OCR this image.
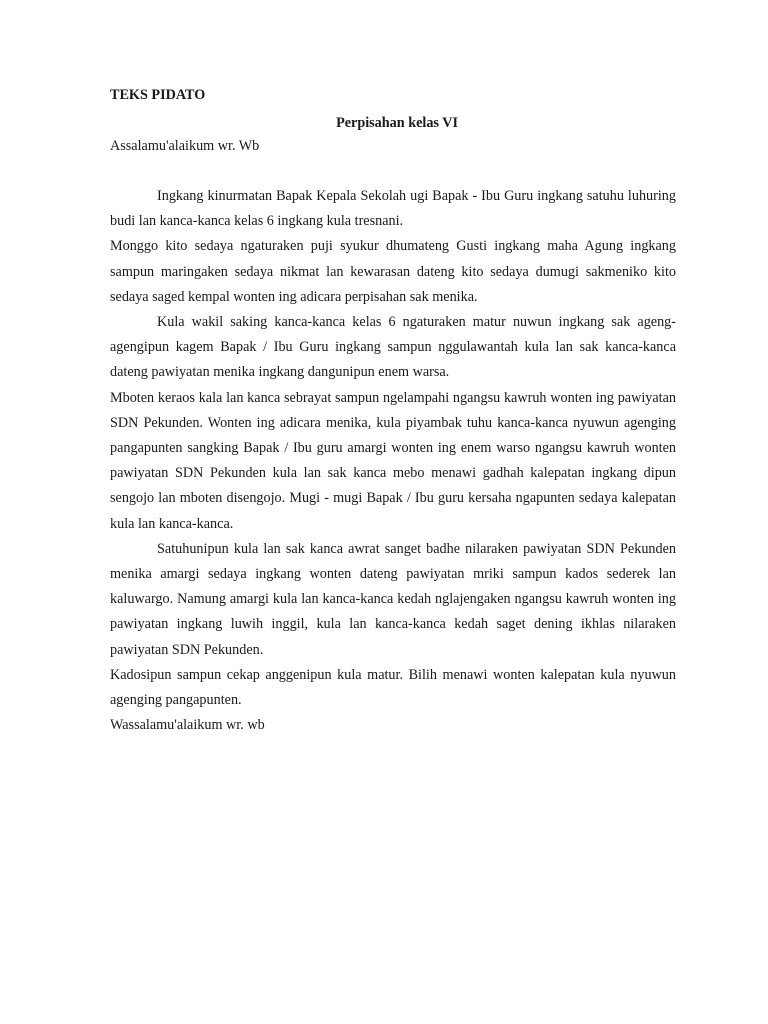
TEKS PIDATO

Perpisahan kelas VI

Assalamu'alaikum wr. Wb

Ingkang kinurmatan Bapak Kepala Sekolah ugi Bapak - Ibu Guru ingkang satuhu luhuring budi lan kanca-kanca kelas 6 ingkang kula tresnani.

Monggo kito sedaya ngaturaken puji syukur dhumateng Gusti ingkang maha Agung ingkang sampun maringaken sedaya nikmat lan kewarasan dateng kito sedaya dumugi sakmeniko kito sedaya saged kempal wonten ing adicara perpisahan sak menika.

Kula wakil saking kanca-kanca kelas 6 ngaturaken matur nuwun ingkang sak ageng-agengipun kagem Bapak / Ibu Guru ingkang sampun nggulawantah kula lan sak kanca-kanca dateng pawiyatan menika ingkang dangunipun enem warsa.

Mboten keraos kala lan kanca sebrayat sampun ngelampahi ngangsu kawruh wonten ing pawiyatan SDN Pekunden. Wonten ing adicara menika, kula piyambak tuhu kanca-kanca nyuwun agenging pangapunten sangking Bapak / Ibu guru amargi wonten ing enem warso ngangsu kawruh wonten pawiyatan SDN Pekunden kula lan sak kanca mebo menawi gadhah kalepatan ingkang dipun sengojo lan mboten disengojo. Mugi - mugi Bapak / Ibu guru kersaha ngapunten sedaya kalepatan kula lan kanca-kanca.

Satuhunipun kula lan sak kanca awrat sanget badhe nilaraken pawiyatan SDN Pekunden menika amargi sedaya ingkang wonten dateng pawiyatan mriki sampun kados sederek lan kaluwargo. Namung amargi kula lan kanca-kanca kedah nglajengaken ngangsu kawruh wonten ing pawiyatan ingkang luwih inggil, kula lan kanca-kanca kedah saget dening ikhlas nilaraken pawiyatan SDN Pekunden.

Kadosipun sampun cekap anggenipun kula matur. Bilih menawi wonten kalepatan kula nyuwun agenging pangapunten.

Wassalamu'alaikum wr. wb
